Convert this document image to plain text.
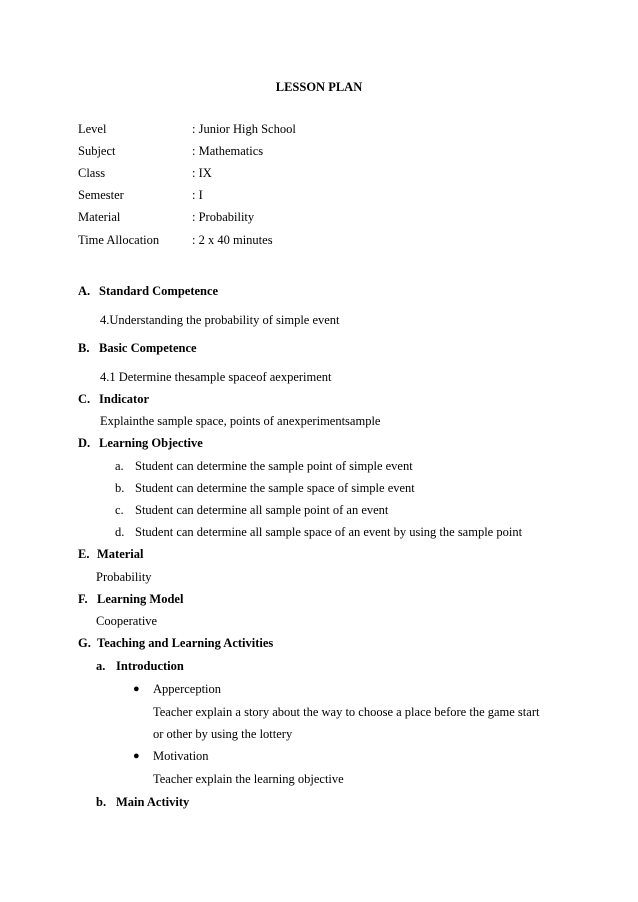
LESSON PLAN
Level	: Junior High School
Subject	: Mathematics
Class	: IX
Semester	: I
Material	: Probability
Time Allocation	: 2 x 40 minutes
A. Standard Competence
4.Understanding the probability of simple event
B. Basic Competence
4.1 Determine thesample spaceof aexperiment
C. Indicator
Explainthe sample space, points of anexperimentsample
D. Learning Objective
a. Student can determine the sample point of simple event
b. Student can determine the sample space of simple event
c. Student can determine all sample point of an event
d. Student can determine all sample space of an event by using the sample point
E. Material
Probability
F. Learning Model
Cooperative
G. Teaching and Learning Activities
a. Introduction
● Apperception
Teacher explain a story about the way to choose a place before the game start
or other by using the lottery
● Motivation
Teacher explain the learning objective
b. Main Activity
